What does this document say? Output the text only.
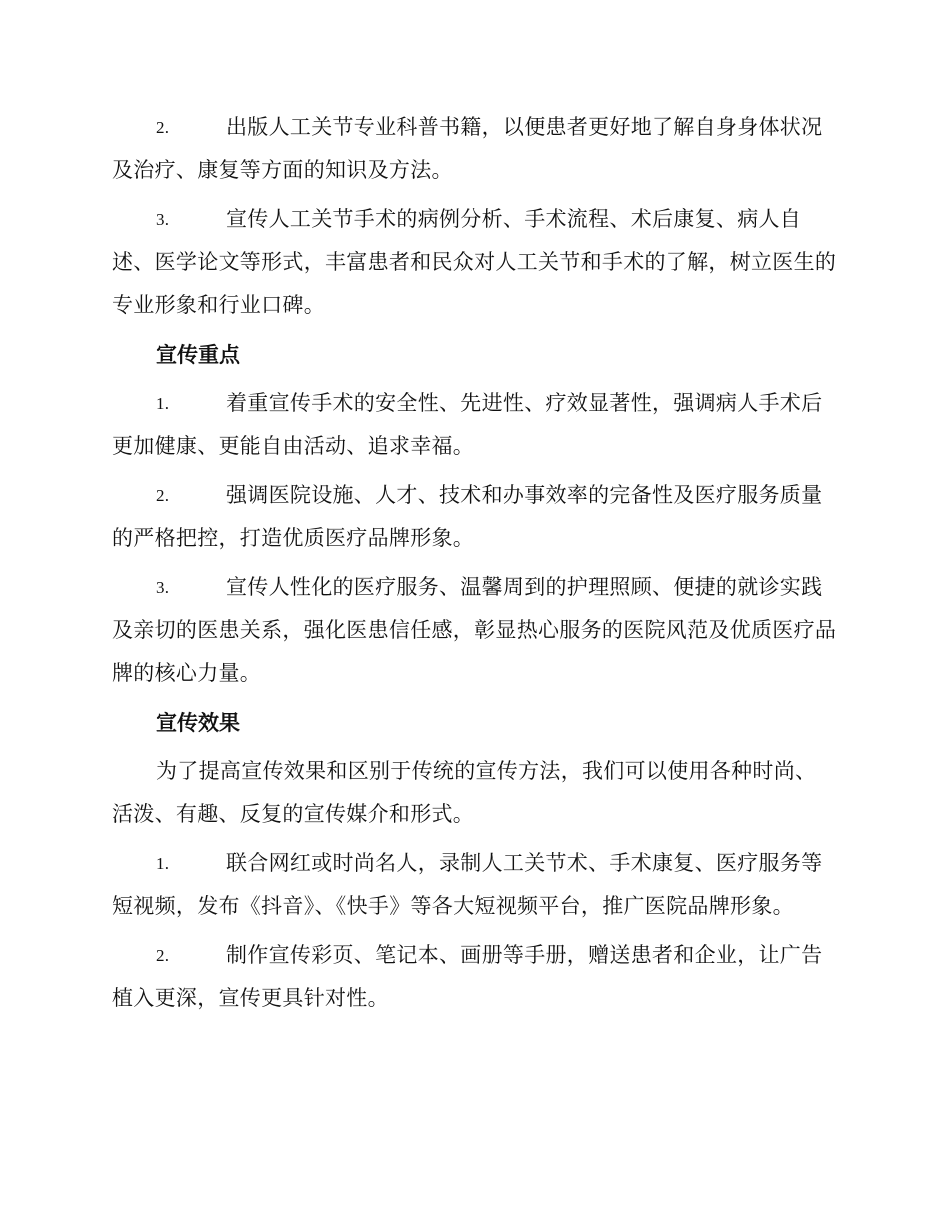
2.	出版人工关节专业科普书籍，以便患者更好地了解自身身体状况及治疗、康复等方面的知识及方法。

3.	宣传人工关节手术的病例分析、手术流程、术后康复、病人自述、医学论文等形式，丰富患者和民众对人工关节和手术的了解，树立医生的专业形象和行业口碑。

宣传重点

1.	着重宣传手术的安全性、先进性、疗效显著性，强调病人手术后更加健康、更能自由活动、追求幸福。

2.	强调医院设施、人才、技术和办事效率的完备性及医疗服务质量的严格把控，打造优质医疗品牌形象。

3.	宣传人性化的医疗服务、温馨周到的护理照顾、便捷的就诊实践及亲切的医患关系，强化医患信任感，彰显热心服务的医院风范及优质医疗品牌的核心力量。

宣传效果

为了提高宣传效果和区别于传统的宣传方法，我们可以使用各种时尚、活泼、有趣、反复的宣传媒介和形式。

1.	联合网红或时尚名人，录制人工关节术、手术康复、医疗服务等短视频，发布《抖音》、《快手》等各大短视频平台，推广医院品牌形象。

2.	制作宣传彩页、笔记本、画册等手册，赠送患者和企业，让广告植入更深，宣传更具针对性。
